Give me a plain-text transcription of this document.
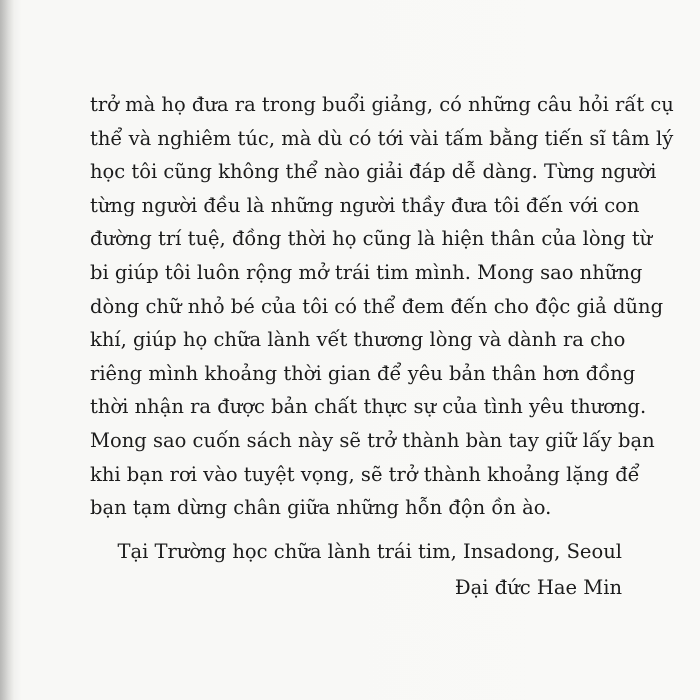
trở mà họ đưa ra trong buổi giảng, có những câu hỏi rất cụ
thể và nghiêm túc, mà dù có tới vài tấm bằng tiến sĩ tâm lý
học tôi cũng không thể nào giải đáp dễ dàng. Từng người
từng người đều là những người thầy đưa tôi đến với con
đường trí tuệ, đồng thời họ cũng là hiện thân của lòng từ
bi giúp tôi luôn rộng mở trái tim mình. Mong sao những
dòng chữ nhỏ bé của tôi có thể đem đến cho độc giả dũng
khí, giúp họ chữa lành vết thương lòng và dành ra cho
riêng mình khoảng thời gian để yêu bản thân hơn đồng
thời nhận ra được bản chất thực sự của tình yêu thương.
Mong sao cuốn sách này sẽ trở thành bàn tay giữ lấy bạn
khi bạn rơi vào tuyệt vọng, sẽ trở thành khoảng lặng để
bạn tạm dừng chân giữa những hỗn độn ồn ào.
Tại Trường học chữa lành trái tim, Insadong, Seoul
Đại đức Hae Min
